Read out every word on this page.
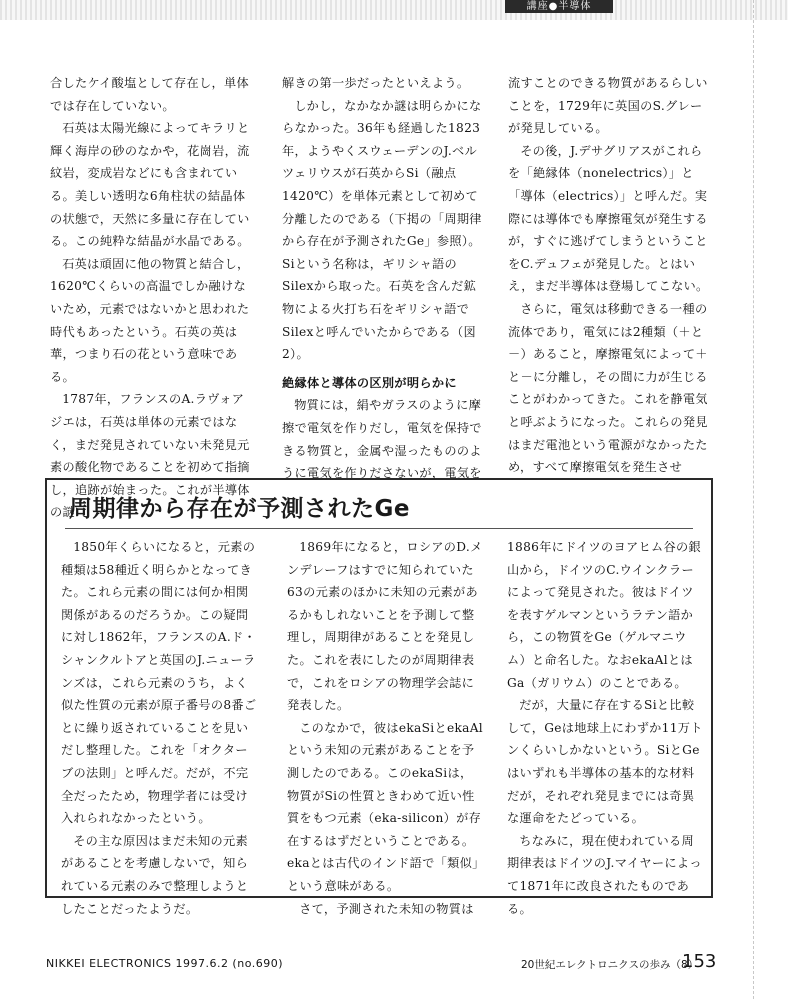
講座●半導体

合したケイ酸塩として存在し，単体では存在していない。

石英は太陽光線によってキラリと輝く海岸の砂のなかや，花崗岩，流紋岩，変成岩などにも含まれている。美しい透明な6角柱状の結晶体の状態で，天然に多量に存在している。この純粋な結晶が水晶である。

石英は頑固に他の物質と結合し，1620℃くらいの高温でしか融けないため，元素ではないかと思われた時代もあったという。石英の英は華，つまり石の花という意味である。

1787年，フランスのA.ラヴォアジエは，石英は単体の元素ではなく，まだ発見されていない未発見元素の酸化物であることを初めて指摘し，追跡が始まった。これが半導体の謎

解きの第一歩だったといえよう。

しかし，なかなか謎は明らかにならなかった。36年も経過した1823年，ようやくスウェーデンのJ.ベルツェリウスが石英からSi（融点1420℃）を単体元素として初めて分離したのである（下掲の「周期律から存在が予測されたGe」参照）。Siという名称は，ギリシャ語のSilexから取った。石英を含んだ鉱物による火打ち石をギリシャ語でSilexと呼んでいたからである（図2）。

絶縁体と導体の区別が明らかに

物質には，絹やガラスのように摩擦で電気を作りだし，電気を保持できる物質と，金属や湿ったもののように電気を作りださないが，電気を

流すことのできる物質があるらしいことを，1729年に英国のS.グレーが発見している。

その後，J.デサグリアスがこれらを「絶縁体（nonelectrics）」と「導体（electrics）」と呼んだ。実際には導体でも摩擦電気が発生するが，すぐに逃げてしまうということをC.デュフェが発見した。とはいえ，まだ半導体は登場してこない。

さらに，電気は移動できる一種の流体であり，電気には2種類（＋と－）あること，摩擦電気によって＋と－に分離し，その間に力が生じることがわかってきた。これを静電気と呼ぶようになった。これらの発見はまだ電池という電源がなかったため，すべて摩擦電気を発生させ

周期律から存在が予測されたGe

1850年くらいになると，元素の種類は58種近く明らかとなってきた。これら元素の間には何か相関関係があるのだろうか。この疑問に対し1862年，フランスのA.ド・シャンクルトアと英国のJ.ニューランズは，これら元素のうち，よく似た性質の元素が原子番号の8番ごとに繰り返されていることを見いだし整理した。これを「オクターブの法則」と呼んだ。だが，不完全だったため，物理学者には受け入れられなかったという。

その主な原因はまだ未知の元素があることを考慮しないで，知られている元素のみで整理しようとしたことだったようだ。

1869年になると，ロシアのD.メンデレーフはすでに知られていた63の元素のほかに未知の元素があるかもしれないことを予測して整理し，周期律があることを発見した。これを表にしたのが周期律表で，これをロシアの物理学会誌に発表した。

このなかで，彼はekaSiとekaAlという未知の元素があることを予測したのである。このekaSiは，物質がSiの性質ときわめて近い性質をもつ元素（eka-silicon）が存在するはずだということである。ekaとは古代のインド語で「類似」という意味がある。

さて，予測された未知の物質は

1886年にドイツのヨアヒム谷の銀山から，ドイツのC.ウインクラーによって発見された。彼はドイツを表すゲルマンというラテン語から，この物質をGe（ゲルマニウム）と命名した。なおekaAlとはGa（ガリウム）のことである。

だが，大量に存在するSiと比較して，Geは地球上にわずか11万トンくらいしかないという。SiとGeはいずれも半導体の基本的な材料だが，それぞれ発見までには奇異な運命をたどっている。

ちなみに，現在使われている周期律表はドイツのJ.マイヤーによって1871年に改良されたものである。

NIKKEI ELECTRONICS 1997.6.2 (no.690)	20世紀エレクトロニクスの歩み（8）
153
